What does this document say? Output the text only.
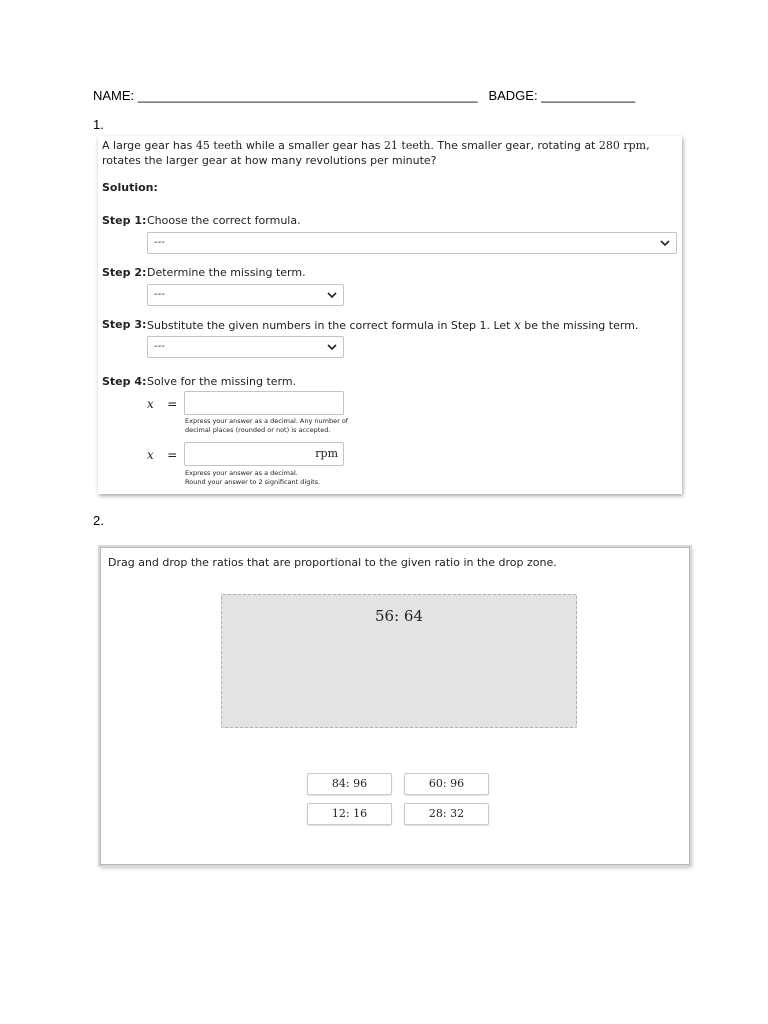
NAME: _______________________________________________ BADGE: _____________
1.
A large gear has 45 teeth while a smaller gear has 21 teeth. The smaller gear, rotating at 280 rpm, rotates the larger gear at how many revolutions per minute?
Solution:
Step 1: Choose the correct formula.
---
Step 2: Determine the missing term.
---
Step 3: Substitute the given numbers in the correct formula in Step 1. Let x be the missing term.
---
Step 4: Solve for the missing term.
x =
Express your answer as a decimal. Any number of
decimal places (rounded or not) is accepted.
x =	rpm
Express your answer as a decimal.
Round your answer to 2 significant digits.
2.
Drag and drop the ratios that are proportional to the given ratio in the drop zone.
56: 64
84: 96	60: 96
12: 16	28: 32
